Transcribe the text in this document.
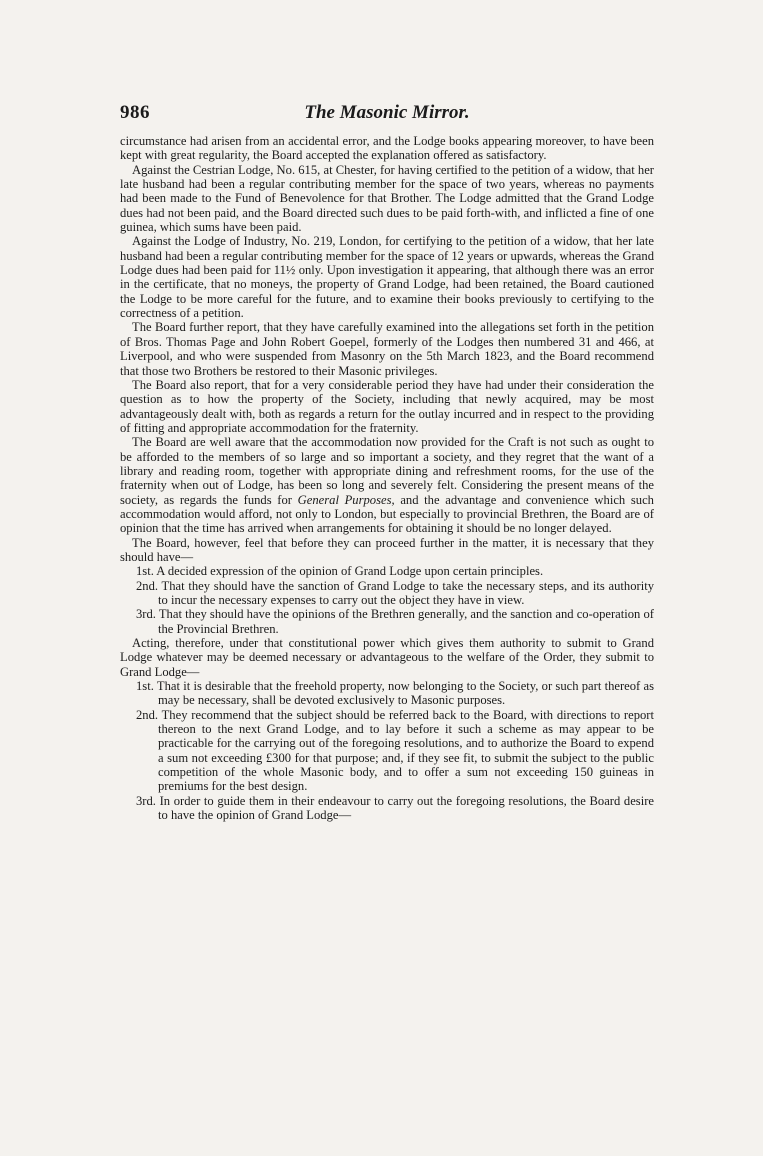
986	The Masonic Mirror.

circumstance had arisen from an accidental error, and the Lodge books appearing moreover, to have been kept with great regularity, the Board accepted the explanation offered as satisfactory.

Against the Cestrian Lodge, No. 615, at Chester, for having certified to the petition of a widow, that her late husband had been a regular contributing member for the space of two years, whereas no payments had been made to the Fund of Benevolence for that Brother. The Lodge admitted that the Grand Lodge dues had not been paid, and the Board directed such dues to be paid forth-with, and inflicted a fine of one guinea, which sums have been paid.

Against the Lodge of Industry, No. 219, London, for certifying to the petition of a widow, that her late husband had been a regular contributing member for the space of 12 years or upwards, whereas the Grand Lodge dues had been paid for 11½ only. Upon investigation it appearing, that although there was an error in the certificate, that no moneys, the property of Grand Lodge, had been retained, the Board cautioned the Lodge to be more careful for the future, and to examine their books previously to certifying to the correctness of a petition.

The Board further report, that they have carefully examined into the allegations set forth in the petition of Bros. Thomas Page and John Robert Goepel, formerly of the Lodges then numbered 31 and 466, at Liverpool, and who were suspended from Masonry on the 5th March 1823, and the Board recommend that those two Brothers be restored to their Masonic privileges.

The Board also report, that for a very considerable period they have had under their consideration the question as to how the property of the Society, including that newly acquired, may be most advantageously dealt with, both as regards a return for the outlay incurred and in respect to the providing of fitting and appropriate accommodation for the fraternity.

The Board are well aware that the accommodation now provided for the Craft is not such as ought to be afforded to the members of so large and so important a society, and they regret that the want of a library and reading room, together with appropriate dining and refreshment rooms, for the use of the fraternity when out of Lodge, has been so long and severely felt. Considering the present means of the society, as regards the funds for General Purposes, and the advantage and convenience which such accommodation would afford, not only to London, but especially to provincial Brethren, the Board are of opinion that the time has arrived when arrangements for obtaining it should be no longer delayed.

The Board, however, feel that before they can proceed further in the matter, it is necessary that they should have—

1st. A decided expression of the opinion of Grand Lodge upon certain principles.

2nd. That they should have the sanction of Grand Lodge to take the necessary steps, and its authority to incur the necessary expenses to carry out the object they have in view.

3rd. That they should have the opinions of the Brethren generally, and the sanction and co-operation of the Provincial Brethren.

Acting, therefore, under that constitutional power which gives them authority to submit to Grand Lodge whatever may be deemed necessary or advantageous to the welfare of the Order, they submit to Grand Lodge—

1st. That it is desirable that the freehold property, now belonging to the Society, or such part thereof as may be necessary, shall be devoted exclusively to Masonic purposes.

2nd. They recommend that the subject should be referred back to the Board, with directions to report thereon to the next Grand Lodge, and to lay before it such a scheme as may appear to be practicable for the carrying out of the foregoing resolutions, and to authorize the Board to expend a sum not exceeding £300 for that purpose; and, if they see fit, to submit the subject to the public competition of the whole Masonic body, and to offer a sum not exceeding 150 guineas in premiums for the best design.

3rd. In order to guide them in their endeavour to carry out the foregoing resolutions, the Board desire to have the opinion of Grand Lodge—
